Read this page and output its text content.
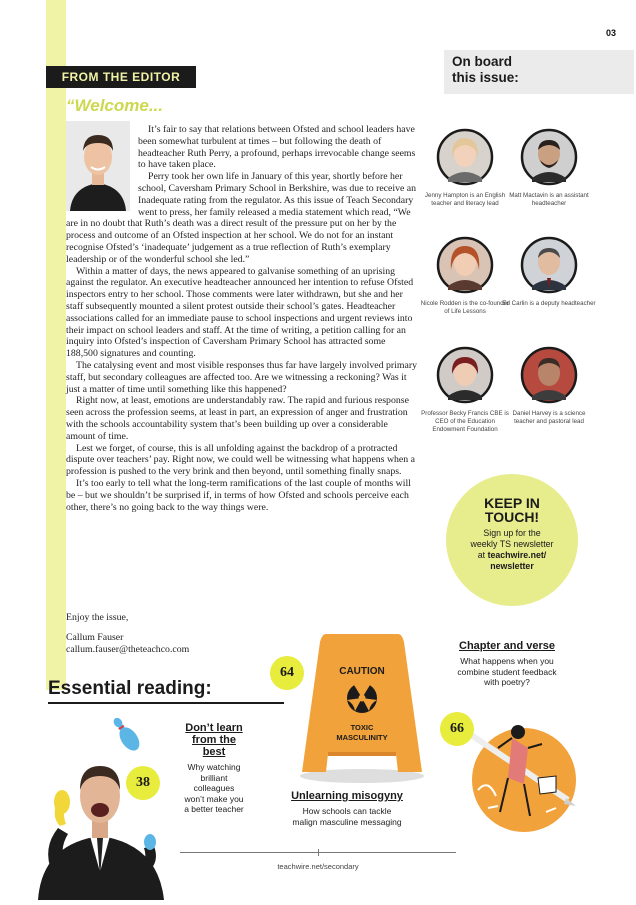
03
FROM THE EDITOR
“Welcome...

It’s fair to say that relations between Ofsted and school leaders have been somewhat turbulent at times – but following the death of headteacher Ruth Perry, a profound, perhaps irrevocable change seems to have taken place.

Perry took her own life in January of this year, shortly before her school, Caversham Primary School in Berkshire, was due to receive an Inadequate rating from the regulator. As this issue of Teach Secondary went to press, her family released a media statement which read, “We are in no doubt that Ruth’s death was a direct result of the pressure put on her by the process and outcome of an Ofsted inspection at her school. We do not for an instant recognise Ofsted’s ‘inadequate’ judgement as a true reflection of Ruth’s exemplary leadership or of the wonderful school she led.”

Within a matter of days, the news appeared to galvanise something of an uprising against the regulator. An executive headteacher announced her intention to refuse Ofsted inspectors entry to her school. Those comments were later withdrawn, but she and her staff subsequently mounted a silent protest outside their school’s gates. Headteacher associations called for an immediate pause to school inspections and urgent reviews into their impact on school leaders and staff. At the time of writing, a petition calling for an inquiry into Ofsted’s inspection of Caversham Primary School has attracted some 188,500 signatures and counting.

The catalysing event and most visible responses thus far have largely involved primary staff, but secondary colleagues are affected too. Are we witnessing a reckoning? Was it just a matter of time until something like this happened?

Right now, at least, emotions are understandably raw. The rapid and furious response seen across the profession seems, at least in part, an expression of anger and frustration with the schools accountability system that’s been building up over a considerable amount of time.

Lest we forget, of course, this is all unfolding against the backdrop of a protracted dispute over teachers’ pay. Right now, we could well be witnessing what happens when a profession is pushed to the very brink and then beyond, until something finally snaps.

It’s too early to tell what the long-term ramifications of the last couple of months will be – but we shouldn’t be surprised if, in terms of how Ofsted and schools perceive each other, there’s no going back to the way things were.

Enjoy the issue,
Callum Fauser
callum.fauser@theteachco.com
On board
this issue:
Jenny Hampton is an English teacher and literacy lead
Matt Mactavin is an assistant headteacher
Nicole Rodden is the co-founder of Life Lessons
Ed Carlin is a deputy headteacher
Professor Becky Francis CBE is CEO of the Education Endowment Foundation
Daniel Harvey is a science teacher and pastoral lead
KEEP IN
TOUCH!
Sign up for the
weekly TS newsletter
at teachwire.net/
newsletter
Essential reading:
38
Don’t learn
from the
best
Why watching
brilliant
colleagues
won’t make you
a better teacher
CAUTION
TOXIC
MASCULINITY
64
Unlearning misogyny
How schools can tackle
malign masculine messaging
Chapter and verse
What happens when you
combine student feedback
with poetry?
66
teachwire.net/secondary
